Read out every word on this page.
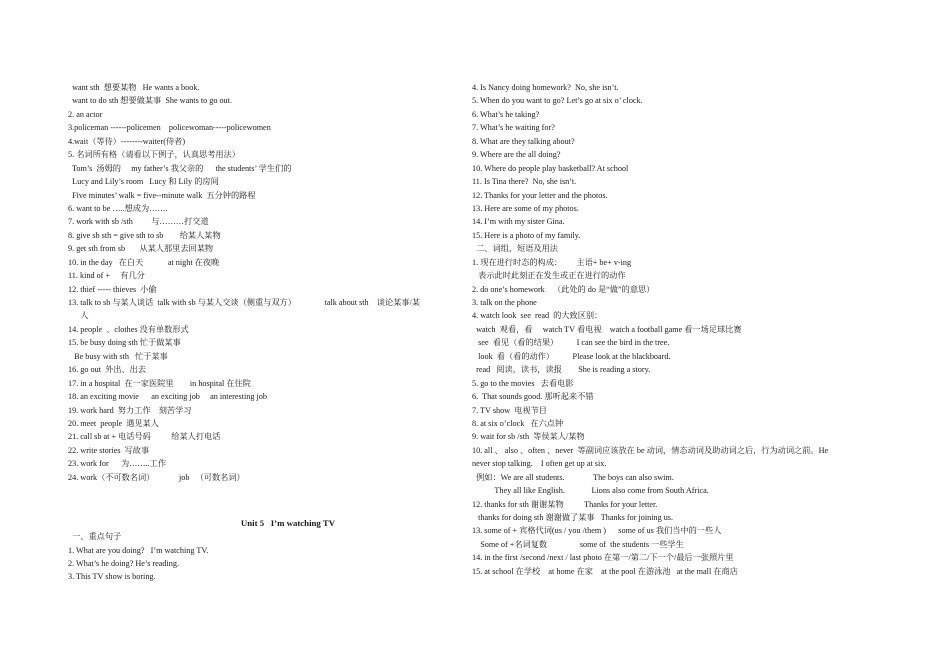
want sth  想要某物   He wants a book.
want to do sth 想要做某事  She wants to go out.
2. an actor
3.policeman ------policemen    policewoman-----policewomen
4.wait（等待）--------waiter(侍者)
5. 名词所有格（请看以下例子，认真思考用法）
Tom’s  汤姆的     my father’s 我父亲的      the students’ 学生们的
Lucy and Lily’s room   Lucy 和 Lily 的房间
Five minutes’ walk = five--minute walk  五分钟的路程
6. want to be …..想成为…….
7. work with sb /sth         与………打交道
8. give sb sth = give sth to sb        给某人某物
9. get sth from sb       从某人那里去回某物
10. in the day   在白天            at night 在夜晚
11. kind of +     有几分
12. thief ----- thieves  小偷
13. talk to sb 与某人谈话  talk with sb 与某人交谈（侧重与双方）              talk about sth    谈论某事/某
人
14. people  、clothes 没有单数形式
15. be busy doing sth 忙于做某事
Be busy with sth   忙于某事
16. go out  外出、出去
17. in a hospital  在一家医院里        in hospital 在住院
18. an exciting movie      an exciting job     an interesting job
19. work hard  努力工作    刻苦学习
20. meet  people  遇见某人
21. call sb at + 电话号码          给某人打电话
22. write stories  写故事
23. work for      为……..工作
24. work（不可数名词）            job   （可数名词）
Unit 5   I’m watching TV
一、重点句子
1. What are you doing?   I’m watching TV.
2. What’s he doing? He’s reading.
3. This TV show is boring.
4. Is Nancy doing homework?  No, she isn’t.
5. When do you want to go? Let’s go at six o’ clock.
6. What’s he taking?
7. What’s he waiting for?
8. What are they talking about?
9. Where are the all doing?
10. Where do people play basketball? At school
11. Is Tina there?  No, she isn’t.
12. Thanks for your letter and the photos.
13. Here are some of my photos.
14. I’m with my sister Gina.
15. Here is a photo of my family.
二、词组，短语及用法
1. 现在进行时态的构成：       主语+ be+ v-ing
表示此时此刻正在发生或正在进行的动作
2. do one’s homework    （此处的 do 是“做”的意思）
3. talk on the phone
4. watch look  see  read  的大致区别：
watch  观看，看     watch TV 看电视    watch a football game 看一场足球比赛
see  看见（看的结果）         I can see the bird in the tree.
look  看（看的动作）         Please look at the blackboard.
read   阅读，读书，读报        She is reading a story.
5. go to the movies   去看电影
6.  That sounds good. 那听起来不错
7. TV show  电视节目
8. at six o’clock   在六点钟
9. wait for sb /sth  等侯某人/某物
10. all 、 also 、often 、never  等副词应该放在 be 动词，情态动词及助动词之后，行为动词之前。He
never stop talking.    I often get up at six.
例如：We are all students.              The boys can also swim.
They all like English.             Lions also come from South Africa.
12. thanks for sth 谢谢某物          Thanks for your letter.
thanks for doing sth 谢谢做了某事   Thanks for joining us.
13. some of + 宾格代词(us / you /them )      some of us 我们当中的一些人
Some of +名词复数                some of  the students 一些学生
14. in the first /second /next / last photo 在第一/第二/下一个/最后一张照片里
15. at school 在学校    at home 在家    at the pool 在游泳池   at the mall 在商店
